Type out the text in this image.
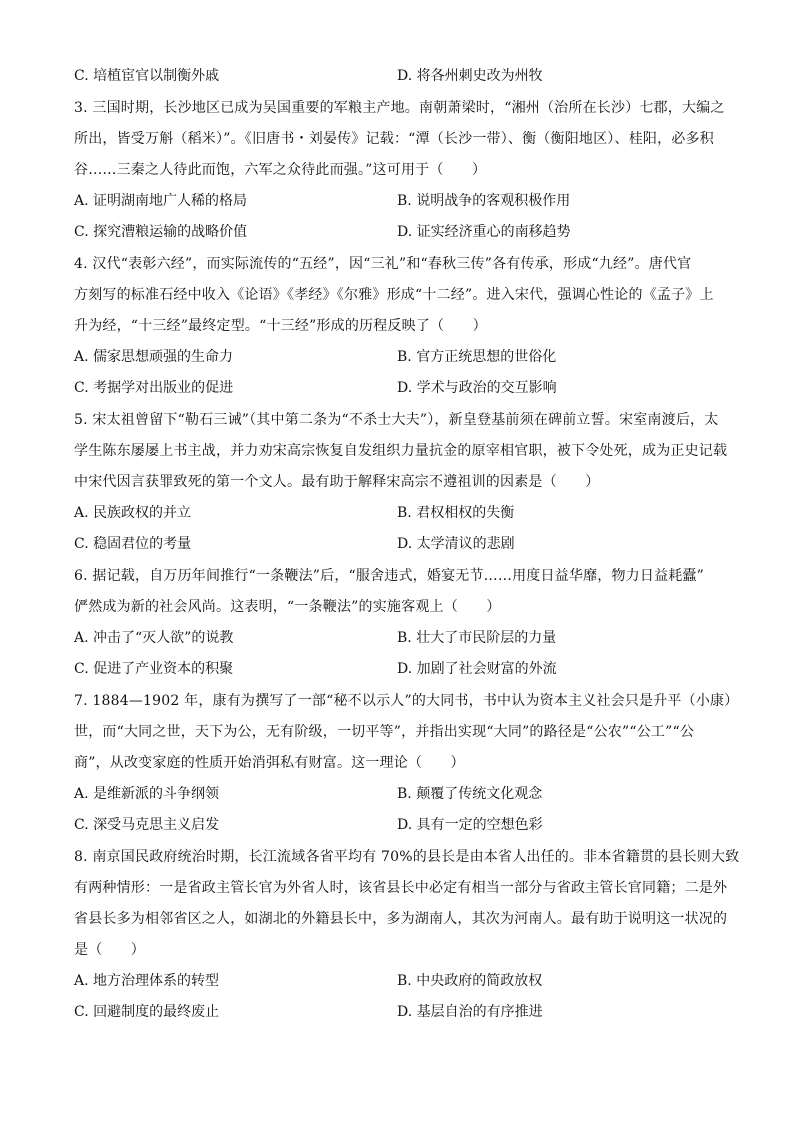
C. 培植宦官以制衡外戚	D. 将各州刺史改为州牧
3. 三国时期，长沙地区已成为吴国重要的军粮主产地。南朝萧梁时，“湘州（治所在长沙）七郡，大编之
所出，皆受万斛（稻米）”。《旧唐书・刘晏传》记载：“潭（长沙一带）、衡（衡阳地区）、桂阳，必多积
谷……三秦之人待此而饱，六军之众待此而强。”这可用于（　　）
A. 证明湖南地广人稀的格局	B. 说明战争的客观积极作用
C. 探究漕粮运输的战略价值	D. 证实经济重心的南移趋势
4. 汉代“表彰六经”，而实际流传的“五经”，因“三礼”和“春秋三传”各有传承，形成“九经”。唐代官
方刻写的标准石经中收入《论语》《孝经》《尔雅》形成“十二经”。进入宋代，强调心性论的《孟子》上
升为经，“十三经”最终定型。“十三经”形成的历程反映了（　　）
A. 儒家思想顽强的生命力	B. 官方正统思想的世俗化
C. 考据学对出版业的促进	D. 学术与政治的交互影响
5. 宋太祖曾留下“勒石三诫”（其中第二条为“不杀士大夫”），新皇登基前须在碑前立誓。宋室南渡后，太
学生陈东屡屡上书主战，并力劝宋高宗恢复自发组织力量抗金的原宰相官职，被下令处死，成为正史记载
中宋代因言获罪致死的第一个文人。最有助于解释宋高宗不遵祖训的因素是（　　）
A. 民族政权的并立	B. 君权相权的失衡
C. 稳固君位的考量	D. 太学清议的悲剧
6. 据记载，自万历年间推行“一条鞭法”后，“服舍违式，婚宴无节……用度日益华靡，物力日益耗蠹”
俨然成为新的社会风尚。这表明，“一条鞭法”的实施客观上（　　）
A. 冲击了“灭人欲”的说教	B. 壮大了市民阶层的力量
C. 促进了产业资本的积聚	D. 加剧了社会财富的外流
7. 1884—1902 年，康有为撰写了一部“秘不以示人”的大同书，书中认为资本主义社会只是升平（小康）
世，而“大同之世，天下为公，无有阶级，一切平等”，并指出实现“大同”的路径是“公农”“公工”“公
商”，从改变家庭的性质开始消弭私有财富。这一理论（　　）
A. 是维新派的斗争纲领	B. 颠覆了传统文化观念
C. 深受马克思主义启发	D. 具有一定的空想色彩
8. 南京国民政府统治时期，长江流域各省平均有 70%的县长是由本省人出任的。非本省籍贯的县长则大致
有两种情形：一是省政主管长官为外省人时，该省县长中必定有相当一部分与省政主管长官同籍；二是外
省县长多为相邻省区之人，如湖北的外籍县长中，多为湖南人，其次为河南人。最有助于说明这一状况的
是（　　）
A. 地方治理体系的转型	B. 中央政府的简政放权
C. 回避制度的最终废止	D. 基层自治的有序推进
